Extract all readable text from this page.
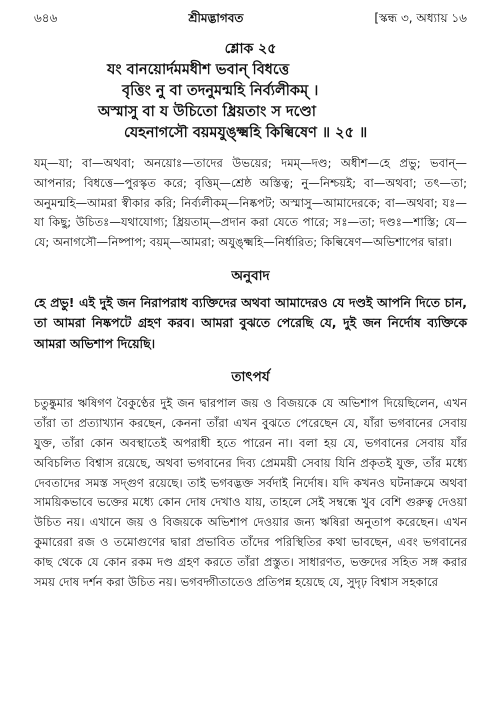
৬৪৬	শ্রীমদ্ভাগবত	[স্কন্ধ ৩, অধ্যায় ১৬
শ্লোক ২৫
যং বানয়োর্দমমধীশ ভবান্ বিধত্তে
বৃত্তিং নু বা তদনুমন্মহি নির্ব্যলীকম্ ।
অস্মাসু বা য উচিতো ধ্রিয়তাং স দণ্ডো
যেহনাগসৌ বয়মযুঙ্‌ক্ষ্মহি কিল্বিষেণ ॥ ২৫ ॥

যম্—যা; বা—অথবা; অনয়োঃ—তাদের উভয়ের; দমম্—দণ্ড; অধীশ—হে প্রভু; ভবান্—আপনার; বিধত্তে—পুরস্কৃত করে; বৃত্তিম্—শ্রেষ্ঠ অস্তিত্ব; নু—নিশ্চয়ই; বা—অথবা; তৎ—তা; অনুমন্মহি—আমরা স্বীকার করি; নির্ব্যলীকম্—নিষ্কপট; অস্মাসু—আমাদেরকে; বা—অথবা; যঃ—যা কিছু; উচিতঃ—যথাযোগ্য; ধ্রিয়তাম্—প্রদান করা যেতে পারে; সঃ—তা; দণ্ডঃ—শাস্তি; যে—যে; অনাগসৌ—নিষ্পাপ; বয়ম্—আমরা; অযুঙ্‌ক্ষ্মহি—নির্ধারিত; কিল্বিষেণ—অভিশাপের দ্বারা।

অনুবাদ

হে প্রভু! এই দুই জন নিরাপরাধ ব্যক্তিদের অথবা আমাদেরও যে দণ্ডই আপনি দিতে চান, তা আমরা নিষ্কপটে গ্রহণ করব। আমরা বুঝতে পেরেছি যে, দুই জন নির্দোষ ব্যক্তিকে আমরা অভিশাপ দিয়েছি।

তাৎপর্য

চতুষ্কুমার ঋষিগণ বৈকুণ্ঠের দুই জন দ্বারপাল জয় ও বিজয়কে যে অভিশাপ দিয়েছিলেন, এখন তাঁরা তা প্রত্যাখ্যান করছেন, কেননা তাঁরা এখন বুঝতে পেরেছেন যে, যাঁরা ভগবানের সেবায় যুক্ত, তাঁরা কোন অবস্থাতেই অপরাধী হতে পারেন না। বলা হয় যে, ভগবানের সেবায় যাঁর অবিচলিত বিশ্বাস রয়েছে, অথবা ভগবানের দিব্য প্রেমময়ী সেবায় যিনি প্রকৃতই যুক্ত, তাঁর মধ্যে দেবতাদের সমস্ত সদ্‌গুণ রয়েছে। তাই ভগবদ্ভক্ত সর্বদাই নির্দোষ। যদি কখনও ঘটনাক্রমে অথবা সাময়িকভাবে ভক্তের মধ্যে কোন দোষ দেখাও যায়, তাহলে সেই সম্বন্ধে খুব বেশি গুরুত্ব দেওয়া উচিত নয়। এখানে জয় ও বিজয়কে অভিশাপ দেওয়ার জন্য ঋষিরা অনুতাপ করেছেন। এখন কুমারেরা রজ ও তমোগুণের দ্বারা প্রভাবিত তাঁদের পরিস্থিতির কথা ভাবছেন, এবং ভগবানের কাছ থেকে যে কোন রকম দণ্ড গ্রহণ করতে তাঁরা প্রস্তুত। সাধারণত, ভক্তদের সহিত সঙ্গ করার সময় দোষ দর্শন করা উচিত নয়। ভগবদ্গীতাতেও প্রতিপন্ন হয়েছে যে, সুদৃঢ় বিশ্বাস সহকারে
